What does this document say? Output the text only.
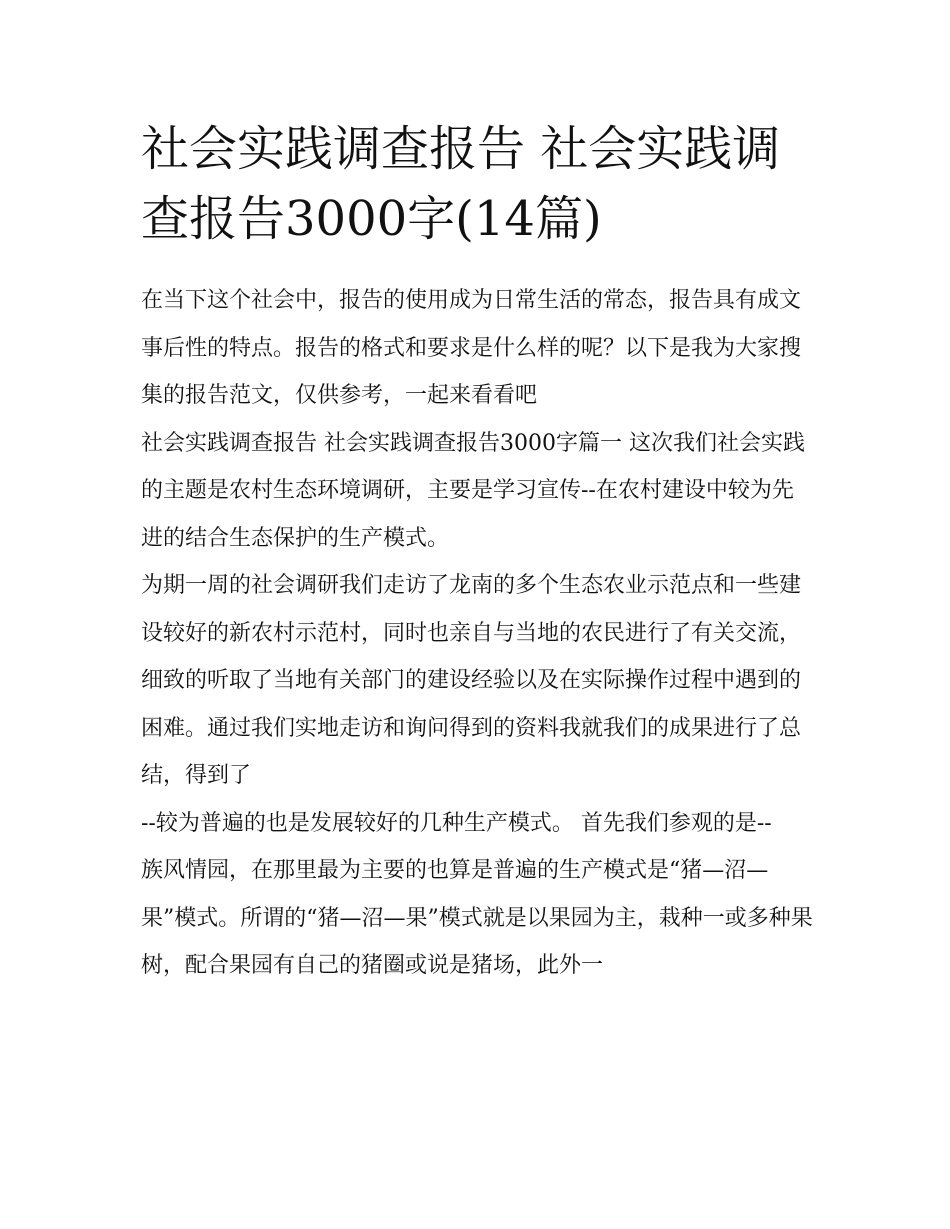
社会实践调查报告 社会实践调查报告3000字(14篇)

在当下这个社会中，报告的使用成为日常生活的常态，报告具有成文事后性的特点。报告的格式和要求是什么样的呢？以下是我为大家搜集的报告范文，仅供参考，一起来看看吧

社会实践调查报告 社会实践调查报告3000字篇一 这次我们社会实践的主题是农村生态环境调研，主要是学习宣传--在农村建设中较为先进的结合生态保护的生产模式。

为期一周的社会调研我们走访了龙南的多个生态农业示范点和一些建设较好的新农村示范村，同时也亲自与当地的农民进行了有关交流，细致的听取了当地有关部门的建设经验以及在实际操作过程中遇到的困难。通过我们实地走访和询问得到的资料我就我们的成果进行了总结，得到了

--较为普遍的也是发展较好的几种生产模式。 首先我们参观的是--

族风情园，在那里最为主要的也算是普遍的生产模式是“猪—沼—果”模式。所谓的“猪—沼—果”模式就是以果园为主，栽种一或多种果树，配合果园有自己的猪圈或说是猪场，此外一
